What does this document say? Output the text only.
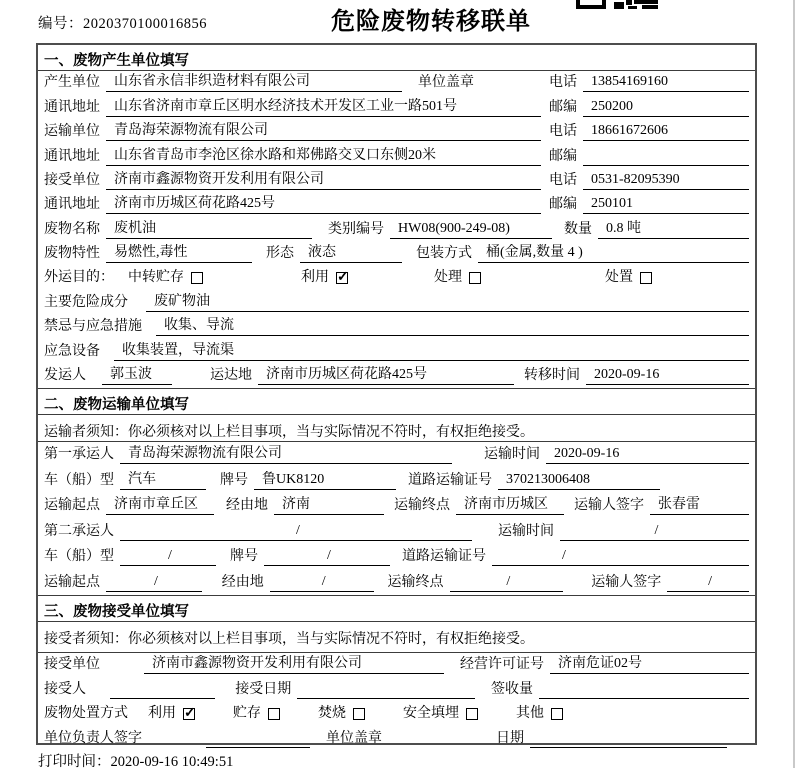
编号：2020370100016856	危险废物转移联单
一、废物产生单位填写
产生单位	山东省永信非织造材料有限公司	单位盖章	电话	13854169160
通讯地址	山东省济南市章丘区明水经济技术开发区工业一路501号	邮编	250200
运输单位	青岛海荣源物流有限公司	电话	18661672606
通讯地址	山东省青岛市李沧区徐水路和郑佛路交叉口东侧20米	邮编
接受单位	济南市鑫源物资开发利用有限公司	电话	0531-82095390
通讯地址	济南市历城区荷花路425号	邮编	250101
废物名称	废机油	类别编号	HW08(900-249-08)	数量	0.8 吨
废物特性	易燃性,毒性	形态	液态	包装方式	桶(金属,数量 4 )
外运目的：	中转贮存	利用 ✓	处理	处置
主要危险成分	废矿物油
禁忌与应急措施	收集、导流
应急设备	收集装置，导流渠
发运人	郭玉波	运达地	济南市历城区荷花路425号	转移时间	2020-09-16
二、废物运输单位填写
运输者须知：你必须核对以上栏目事项，当与实际情况不符时，有权拒绝接受。
第一承运人	青岛海荣源物流有限公司	运输时间	2020-09-16
车（船）型	汽车	牌号	鲁UK8120	道路运输证号	370213006408
运输起点	济南市章丘区	经由地	济南	运输终点	济南市历城区	运输人签字	张春雷
第二承运人	/	运输时间	/
车（船）型	/	牌号	/	道路运输证号	/
运输起点	/	经由地	/	运输终点	/	运输人签字	/
三、废物接受单位填写
接受者须知：你必须核对以上栏目事项，当与实际情况不符时，有权拒绝接受。
接受单位	济南市鑫源物资开发利用有限公司	经营许可证号	济南危证02号
接受人	接受日期	签收量
废物处置方式	利用 ✓	贮存	焚烧	安全填埋	其他
单位负责人签字	单位盖章	日期
打印时间：2020-09-16 10:49:51
